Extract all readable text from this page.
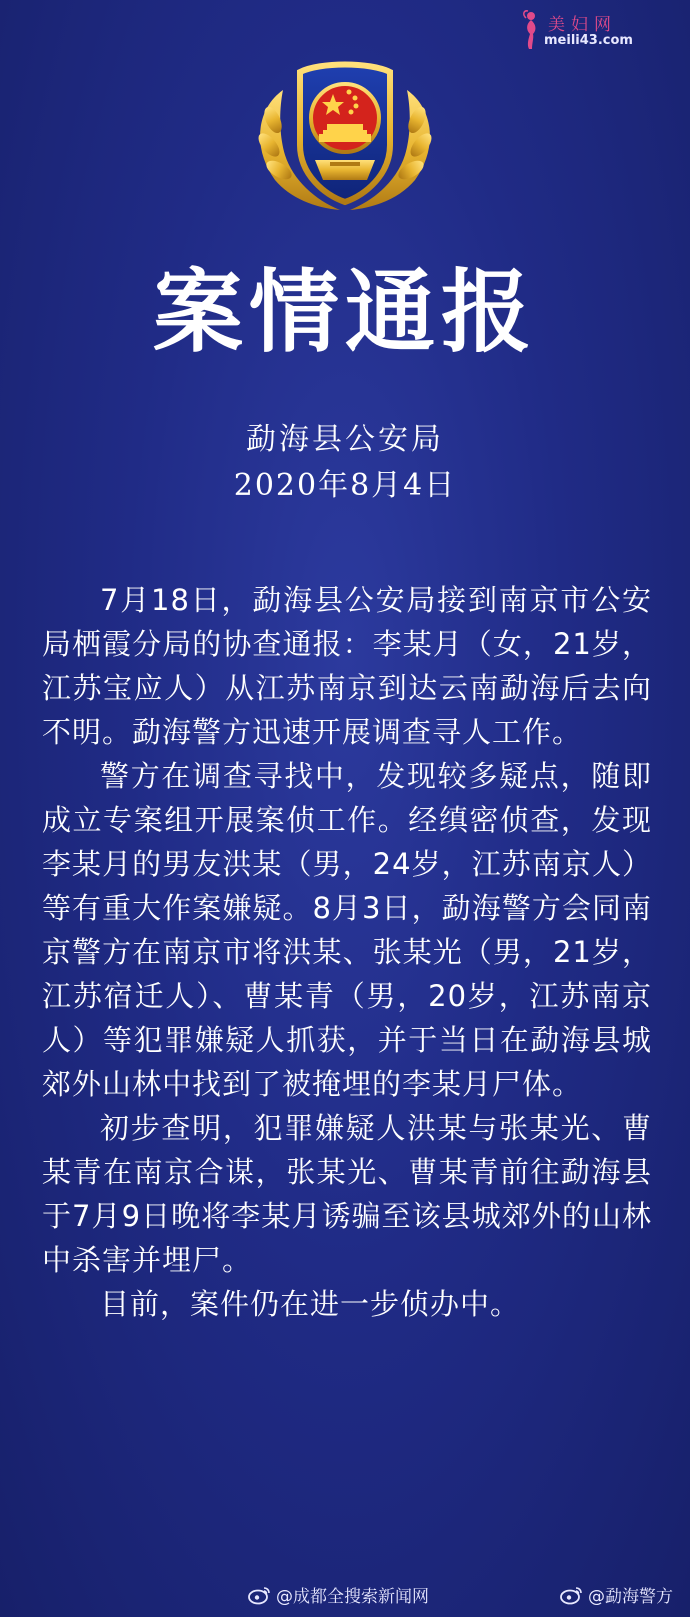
美妇网
meili43.com
案情通报
勐海县公安局
2020年8月4日

7月18日，勐海县公安局接到南京市公安局栖霞分局的协查通报：李某月（女，21岁，江苏宝应人）从江苏南京到达云南勐海后去向不明。勐海警方迅速开展调查寻人工作。

警方在调查寻找中，发现较多疑点，随即成立专案组开展案侦工作。经缜密侦查，发现李某月的男友洪某（男，24岁，江苏南京人）等有重大作案嫌疑。8月3日，勐海警方会同南京警方在南京市将洪某、张某光（男，21岁，江苏宿迁人）、曹某青（男，20岁，江苏南京人）等犯罪嫌疑人抓获，并于当日在勐海县城郊外山林中找到了被掩埋的李某月尸体。

初步查明，犯罪嫌疑人洪某与张某光、曹某青在南京合谋，张某光、曹某青前往勐海县于7月9日晚将李某月诱骗至该县城郊外的山林中杀害并埋尸。

目前，案件仍在进一步侦办中。

@成都全搜索新闻网	@勐海警方
